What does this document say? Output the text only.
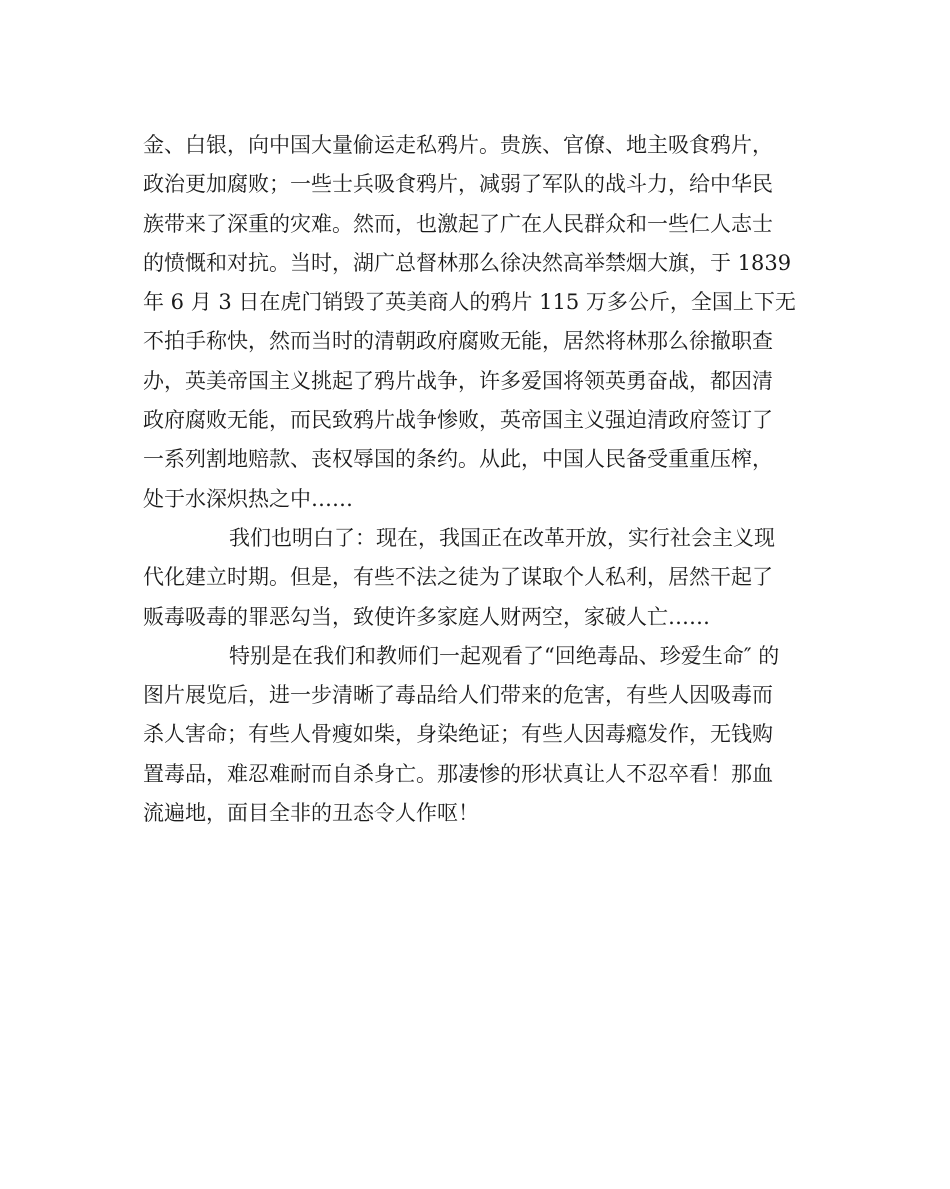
金、白银，向中国大量偷运走私鸦片。贵族、官僚、地主吸食鸦片，
政治更加腐败；一些士兵吸食鸦片，减弱了军队的战斗力，给中华民
族带来了深重的灾难。然而，也激起了广在人民群众和一些仁人志士
的愤慨和对抗。当时，湖广总督林那么徐决然高举禁烟大旗，于 1839
年 6 月 3 日在虎门销毁了英美商人的鸦片 115 万多公斤，全国上下无
不拍手称快，然而当时的清朝政府腐败无能，居然将林那么徐撤职查
办，英美帝国主义挑起了鸦片战争，许多爱国将领英勇奋战，都因清
政府腐败无能，而民致鸦片战争惨败，英帝国主义强迫清政府签订了
一系列割地赔款、丧权辱国的条约。从此，中国人民备受重重压榨，
处于水深炽热之中……
我们也明白了：现在，我国正在改革开放，实行社会主义现
代化建立时期。但是，有些不法之徒为了谋取个人私利，居然干起了
贩毒吸毒的罪恶勾当，致使许多家庭人财两空，家破人亡……
特别是在我们和教师们一起观看了“回绝毒品、珍爱生命″ 的
图片展览后，进一步清晰了毒品给人们带来的危害，有些人因吸毒而
杀人害命；有些人骨瘦如柴，身染绝证；有些人因毒瘾发作，无钱购
置毒品，难忍难耐而自杀身亡。那凄惨的形状真让人不忍卒看！那血
流遍地，面目全非的丑态令人作呕！
